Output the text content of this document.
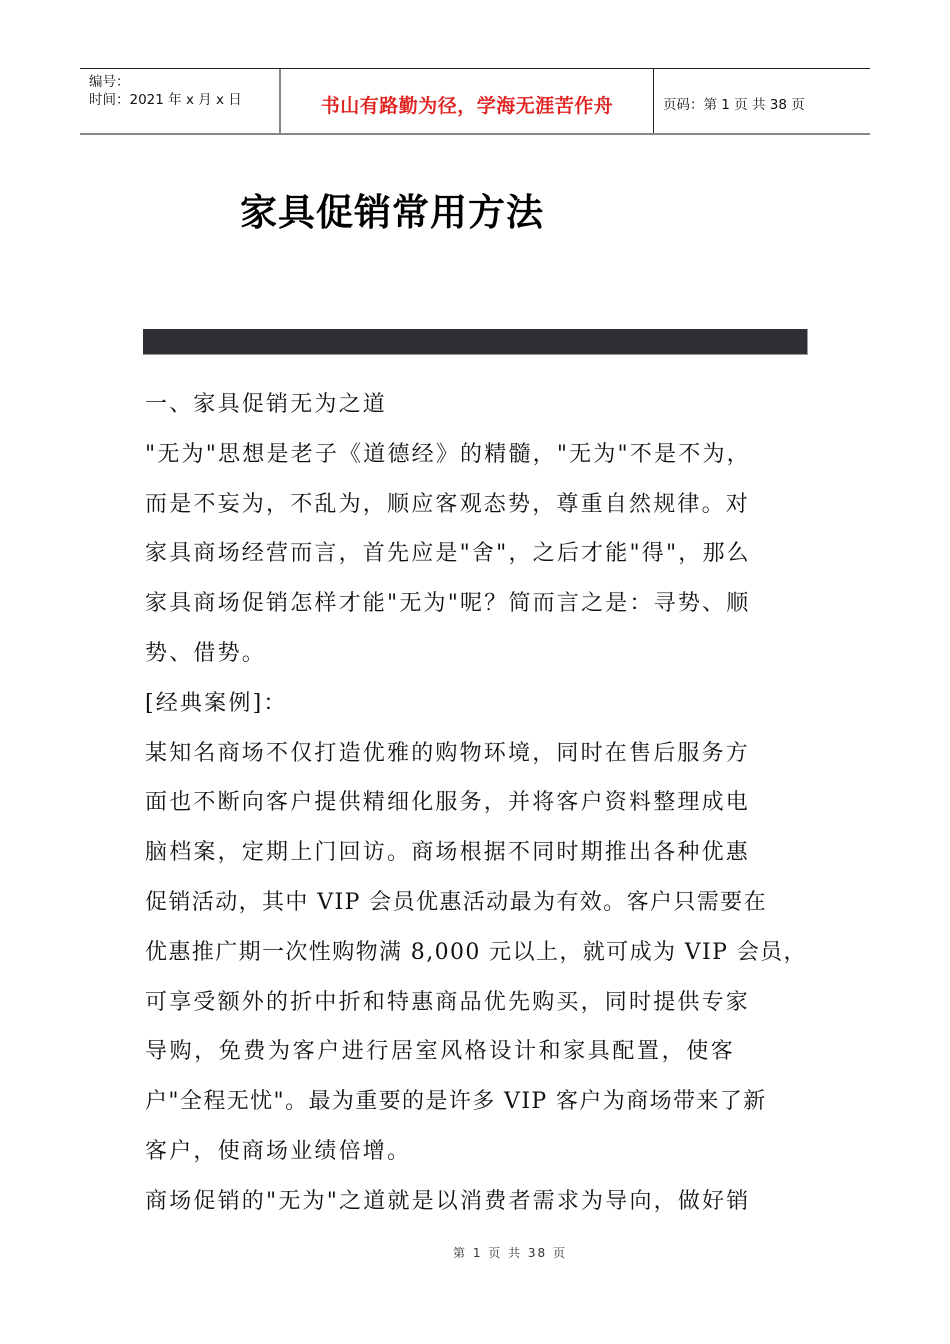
编号：
时间：2021 年 x 月 x 日	书山有路勤为径，学海无涯苦作舟	页码：第 1 页 共 38 页
家具促销常用方法
一、家具促销无为之道
"无为"思想是老子《道德经》的精髓，"无为"不是不为，
而是不妄为，不乱为，顺应客观态势，尊重自然规律。对
家具商场经营而言，首先应是"舍"，之后才能"得"，那么
家具商场促销怎样才能"无为"呢？简而言之是：寻势、顺
势、借势。
[经典案例]：
某知名商场不仅打造优雅的购物环境，同时在售后服务方
面也不断向客户提供精细化服务，并将客户资料整理成电
脑档案，定期上门回访。商场根据不同时期推出各种优惠
促销活动，其中 VIP 会员优惠活动最为有效。客户只需要在
优惠推广期一次性购物满 8,000 元以上，就可成为 VIP 会员，
可享受额外的折中折和特惠商品优先购买，同时提供专家
导购，免费为客户进行居室风格设计和家具配置，使客
户"全程无忧"。最为重要的是许多 VIP 客户为商场带来了新
客户，使商场业绩倍增。
商场促销的"无为"之道就是以消费者需求为导向，做好销
第 1 页 共 38 页
